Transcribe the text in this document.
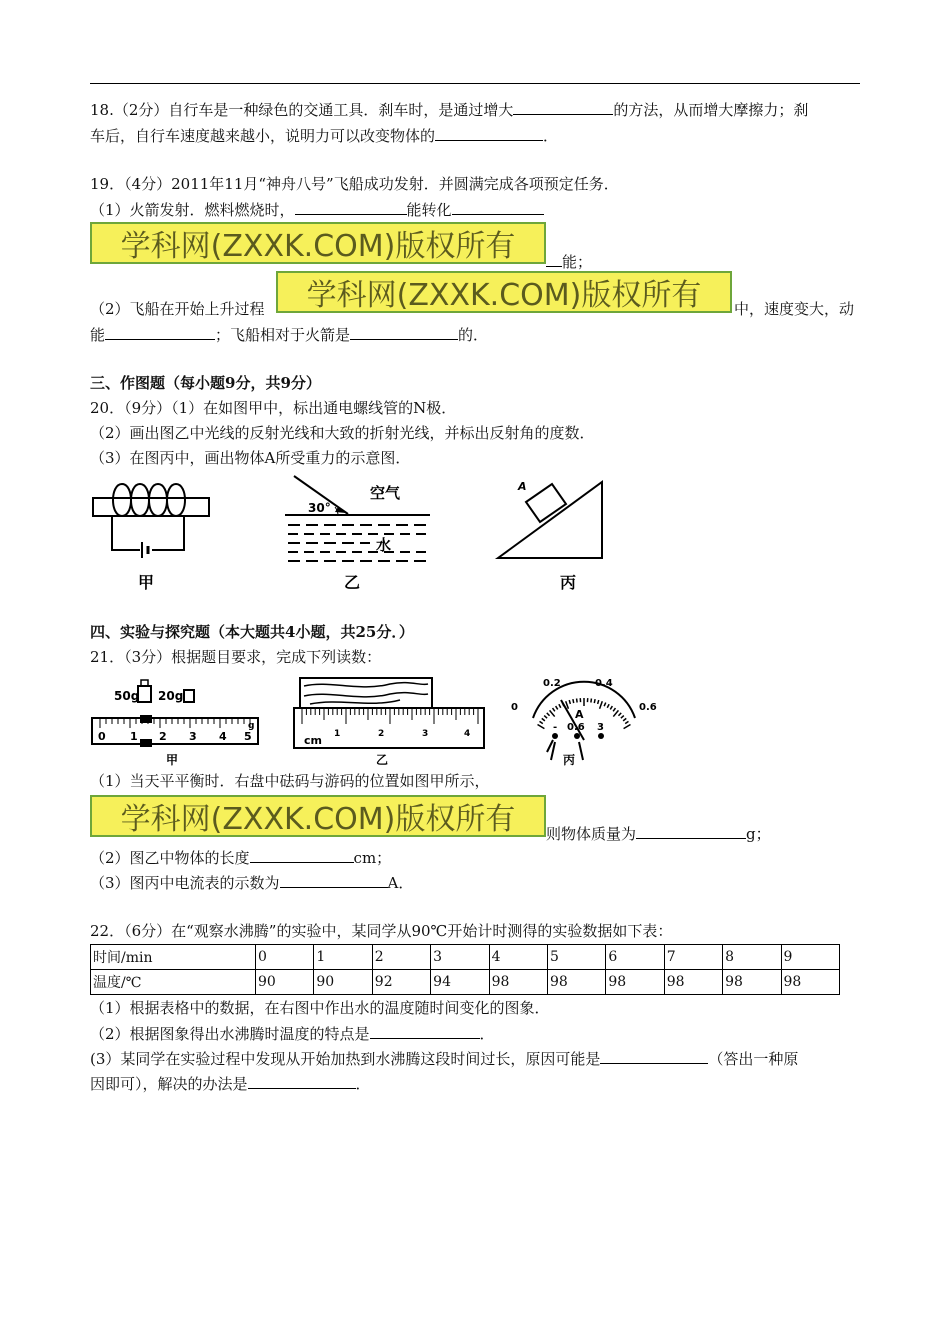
18.（2分）自行车是一种绿色的交通工具．刹车时，是通过增大	的方法，从而增大摩擦力；刹
车后，自行车速度越来越小，说明力可以改变物体的	．
19．（4分）2011年11月“神舟八号”飞船成功发射．并圆满完成各项预定任务．
（1）火箭发射．燃料燃烧时，	能转化
学科网(ZXXK.COM)版权所有	能；
学科网(ZXXK.COM)版权所有
（2）飞船在开始上升过程	中，速度变大，动
能	；飞船相对于火箭是	的．
三、作图题（每小题9分，共9分）
20．（9分）（1）在如图甲中，标出通电螺线管的N极．
（2）画出图乙中光线的反射光线和大致的折射光线，并标出反射角的度数．
（3）在图丙中，画出物体A所受重力的示意图．
甲
30°
空气
水
乙
A
丙
四、实验与探究题（本大题共4小题，共25分．）
21．（3分）根据题目要求，完成下列读数：
50g 20g
0 1 2 3 4 5
g
甲
cm 1	2	3	4
乙
0.2	0.4
0	0.6
A
- 0.6 3
丙
（1）当天平平衡时．右盘中砝码与游码的位置如图甲所示，
学科网(ZXXK.COM)版权所有	则物体质量为	g；
（2）图乙中物体的长度	cm；
（3）图丙中电流表的示数为	A．
22．（6分）在“观察水沸腾”的实验中，某同学从90℃开始计时测得的实验数据如下表：
时间/min	0	1	2	3	4	5	6	7	8	9
温度/℃	90	90	92	94	98	98	98	98	98	98
（1）根据表格中的数据，在右图中作出水的温度随时间变化的图象．
（2）根据图象得出水沸腾时温度的特点是	．
(3）某同学在实验过程中发现从开始加热到水沸腾这段时间过长，原因可能是	（答出一种原
因即可），解决的办法是	．
